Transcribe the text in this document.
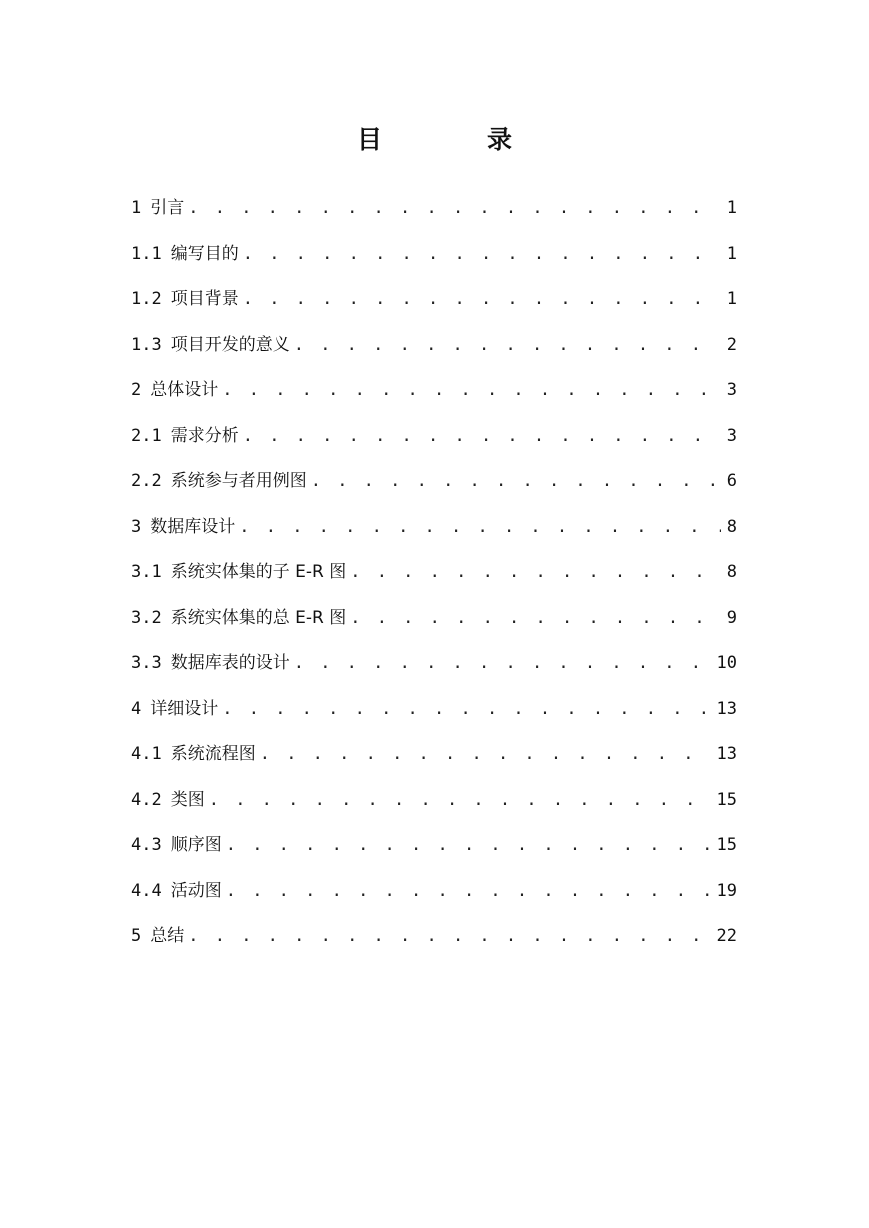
目　录
1 引言 . . .	1
1.1 编写目的 . . .	1
1.2 项目背景 . . .	1
1.3 项目开发的意义 . . .	2
2 总体设计 . . .	3
2.1 需求分析 . . .	3
2.2 系统参与者用例图 . . .	6
3 数据库设计 . . .	8
3.1 系统实体集的子 E-R 图 . . .	8
3.2 系统实体集的总 E-R 图 . . .	9
3.3 数据库表的设计 . . .	10
4 详细设计 . . .	13
4.1 系统流程图 . . .	13
4.2 类图 . . .	15
4.3 顺序图 . . .	15
4.4 活动图 . . .	19
5 总结 . . .	22
